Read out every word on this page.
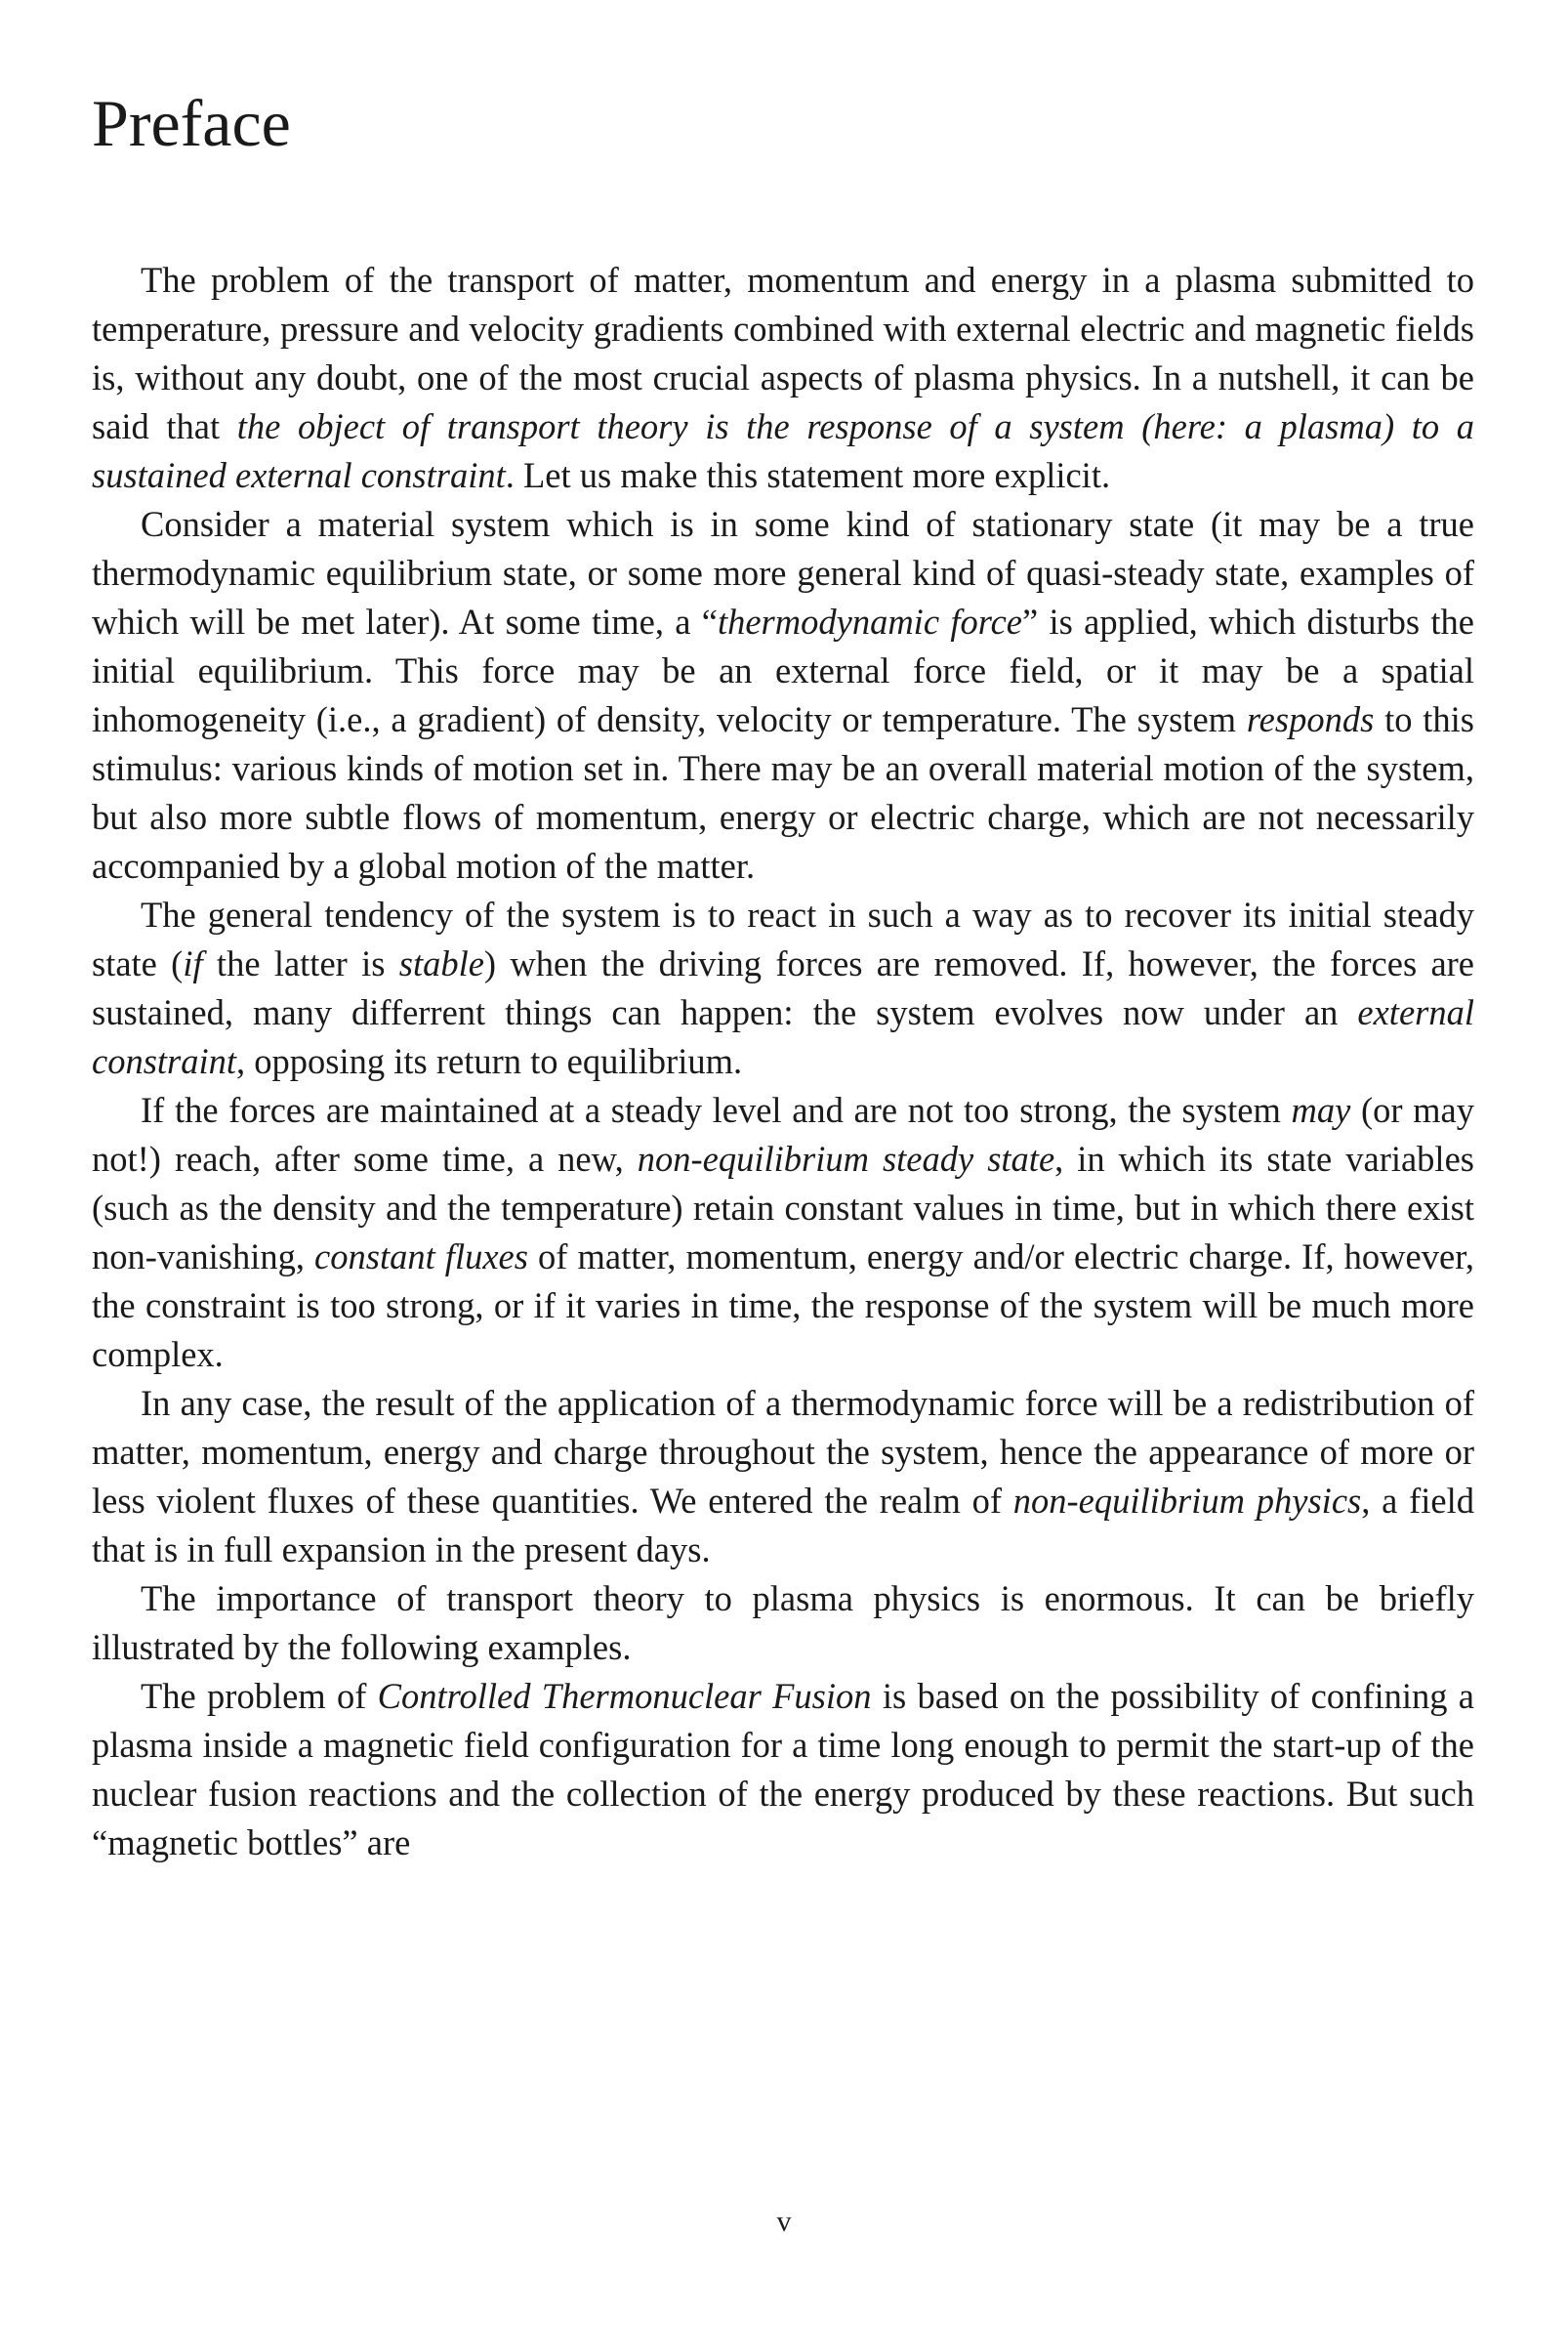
Preface

The problem of the transport of matter, momentum and energy in a plasma submitted to temperature, pressure and velocity gradients combined with external electric and magnetic fields is, without any doubt, one of the most crucial aspects of plasma physics. In a nutshell, it can be said that the object of transport theory is the response of a system (here: a plasma) to a sustained external constraint. Let us make this statement more explicit.

Consider a material system which is in some kind of stationary state (it may be a true thermodynamic equilibrium state, or some more general kind of quasi-steady state, examples of which will be met later). At some time, a “thermodynamic force” is applied, which disturbs the initial equilibrium. This force may be an external force field, or it may be a spatial inhomogeneity (i.e., a gradient) of density, velocity or temperature. The system responds to this stimulus: various kinds of motion set in. There may be an overall material motion of the system, but also more subtle flows of momentum, energy or electric charge, which are not necessarily accompanied by a global motion of the matter.

The general tendency of the system is to react in such a way as to recover its initial steady state (if the latter is stable) when the driving forces are removed. If, however, the forces are sustained, many differrent things can happen: the system evolves now under an external constraint, opposing its return to equilibrium.

If the forces are maintained at a steady level and are not too strong, the system may (or may not!) reach, after some time, a new, non-equilibrium steady state, in which its state variables (such as the density and the temperature) retain constant values in time, but in which there exist non-vanishing, constant fluxes of matter, momentum, energy and/or electric charge. If, however, the constraint is too strong, or if it varies in time, the response of the system will be much more complex.

In any case, the result of the application of a thermodynamic force will be a redistribution of matter, momentum, energy and charge throughout the system, hence the appearance of more or less violent fluxes of these quantities. We entered the realm of non-equilibrium physics, a field that is in full expansion in the present days.

The importance of transport theory to plasma physics is enormous. It can be briefly illustrated by the following examples.

The problem of Controlled Thermonuclear Fusion is based on the possibility of confining a plasma inside a magnetic field configuration for a time long enough to permit the start-up of the nuclear fusion reactions and the collection of the energy produced by these reactions. But such “magnetic bottles” are

v
